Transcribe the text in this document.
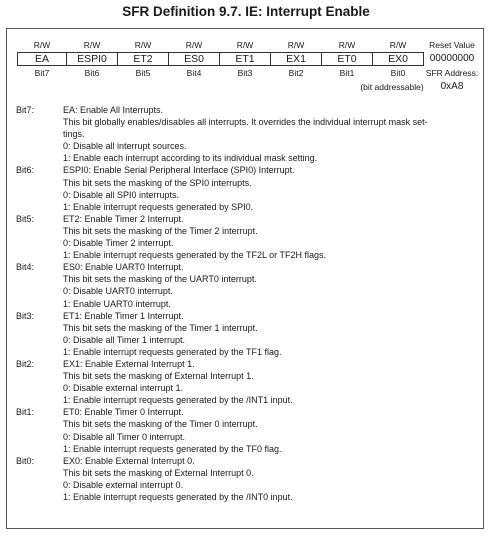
SFR Definition 9.7. IE: Interrupt Enable
R/W	R/W	R/W	R/W	R/W	R/W	R/W	R/W	Reset Value
EA	ESPI0	ET2	ES0	ET1	EX1	ET0	EX0	00000000
Bit7	Bit6	Bit5	Bit4	Bit3	Bit2	Bit1	Bit0	SFR Address:
(bit addressable)	0xA8
Bit7:	EA: Enable All Interrupts.
This bit globally enables/disables all interrupts. It overrides the individual interrupt mask set-
tings.
0: Disable all interrupt sources.
1: Enable each interrupt according to its individual mask setting.
Bit6:	ESPI0: Enable Serial Peripheral Interface (SPI0) Interrupt.
This bit sets the masking of the SPI0 interrupts.
0: Disable all SPI0 interrupts.
1: Enable interrupt requests generated by SPI0.
Bit5:	ET2: Enable Timer 2 Interrupt.
This bit sets the masking of the Timer 2 interrupt.
0: Disable Timer 2 interrupt.
1: Enable interrupt requests generated by the TF2L or TF2H flags.
Bit4:	ES0: Enable UART0 Interrupt.
This bit sets the masking of the UART0 interrupt.
0: Disable UART0 interrupt.
1: Enable UART0 interrupt.
Bit3:	ET1: Enable Timer 1 Interrupt.
This bit sets the masking of the Timer 1 interrupt.
0: Disable all Timer 1 interrupt.
1: Enable interrupt requests generated by the TF1 flag.
Bit2:	EX1: Enable External Interrupt 1.
This bit sets the masking of External Interrupt 1.
0: Disable external interrupt 1.
1: Enable interrupt requests generated by the /INT1 input.
Bit1:	ET0: Enable Timer 0 Interrupt.
This bit sets the masking of the Timer 0 interrupt.
0: Disable all Timer 0 interrupt.
1: Enable interrupt requests generated by the TF0 flag.
Bit0:	EX0: Enable External Interrupt 0.
This bit sets the masking of External Interrupt 0.
0: Disable external interrupt 0.
1: Enable interrupt requests generated by the /INT0 input.
